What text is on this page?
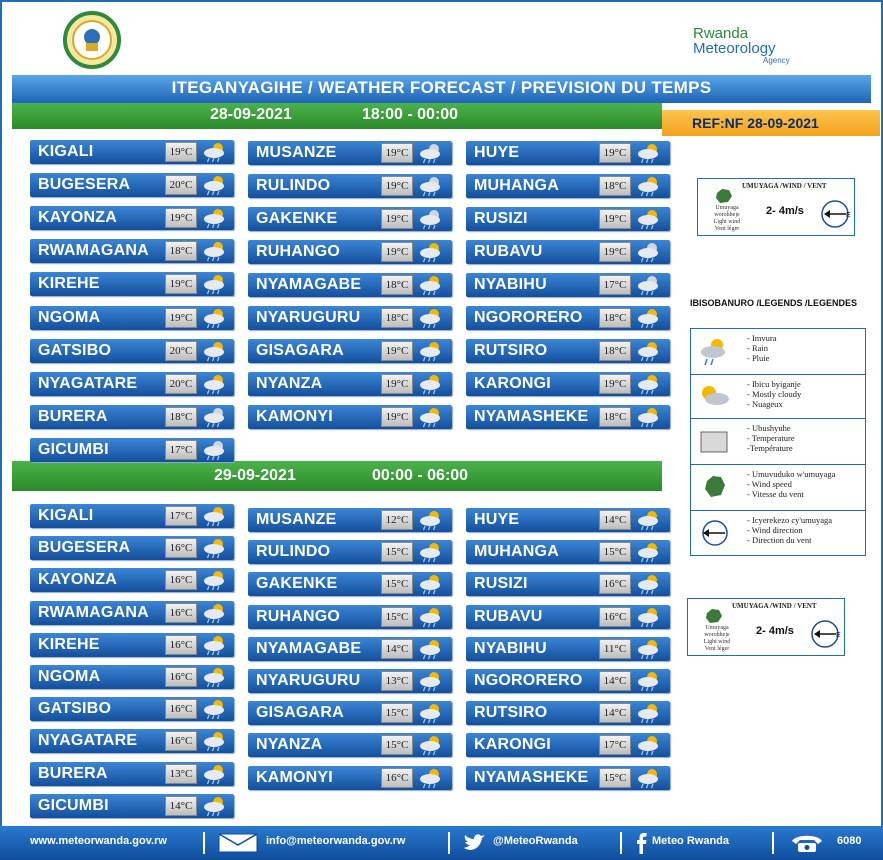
Rwanda
Meteorology
Agency
ITEGANYAGIHE / WEATHER FORECAST / PREVISION DU TEMPS
28-09-2021	18:00 - 00:00	REF:NF 28-09-2021
29-09-2021	00:00 - 06:00
KIGALI	19°C
BUGESERA	20°C
KAYONZA	19°C
RWAMAGANA	18°C
KIREHE	19°C
NGOMA	19°C
GATSIBO	20°C
NYAGATARE	20°C
BURERA	18°C
GICUMBI	17°C
MUSANZE	19°C
RULINDO	19°C
GAKENKE	19°C
RUHANGO	19°C
NYAMAGABE	18°C
NYARUGURU	18°C
GISAGARA	19°C
NYANZA	19°C
KAMONYI	19°C
HUYE	19°C
MUHANGA	18°C
RUSIZI	19°C
RUBAVU	19°C
NYABIHU	17°C
NGORORERO	18°C
RUTSIRO	18°C
KARONGI	19°C
NYAMASHEKE	18°C
KIGALI	17°C
BUGESERA	16°C
KAYONZA	16°C
RWAMAGANA	16°C
KIREHE	16°C
NGOMA	16°C
GATSIBO	16°C
NYAGATARE	16°C
BURERA	13°C
GICUMBI	14°C
MUSANZE	12°C
RULINDO	15°C
GAKENKE	15°C
RUHANGO	15°C
NYAMAGABE	14°C
NYARUGURU	13°C
GISAGARA	15°C
NYANZA	15°C
KAMONYI	16°C
HUYE	14°C
MUHANGA	15°C
RUSIZI	16°C
RUBAVU	16°C
NYABIHU	11°C
NGORORERO	14°C
RUTSIRO	14°C
KARONGI	17°C
NYAMASHEKE	15°C
UMUYAGA /WIND / VENT
Umuyaga worohheje
Light wind
Vent léger
2- 4m/s	E
IBISOBANURO /LEGENDS /LEGENDES
- Imvura
- Rain
- Pluie
- Ibicu byiganje
- Mostly cloudy
- Nuageux
- Ubushyuhe
- Temperature
-Température
- Umuvuduko w'umuyaga
- Wind speed
- Vitesse du vent
- Icyerekezo cy'umuyaga
- Wind direction
- Direction du vent
UMUYAGA /WIND / VENT
Umuyaga worohheje
Light wind
Vent léger
2- 4m/s	E
www.meteorwanda.gov.rw	info@meteorwanda.gov.rw	@MeteoRwanda	Meteo Rwanda	6080
